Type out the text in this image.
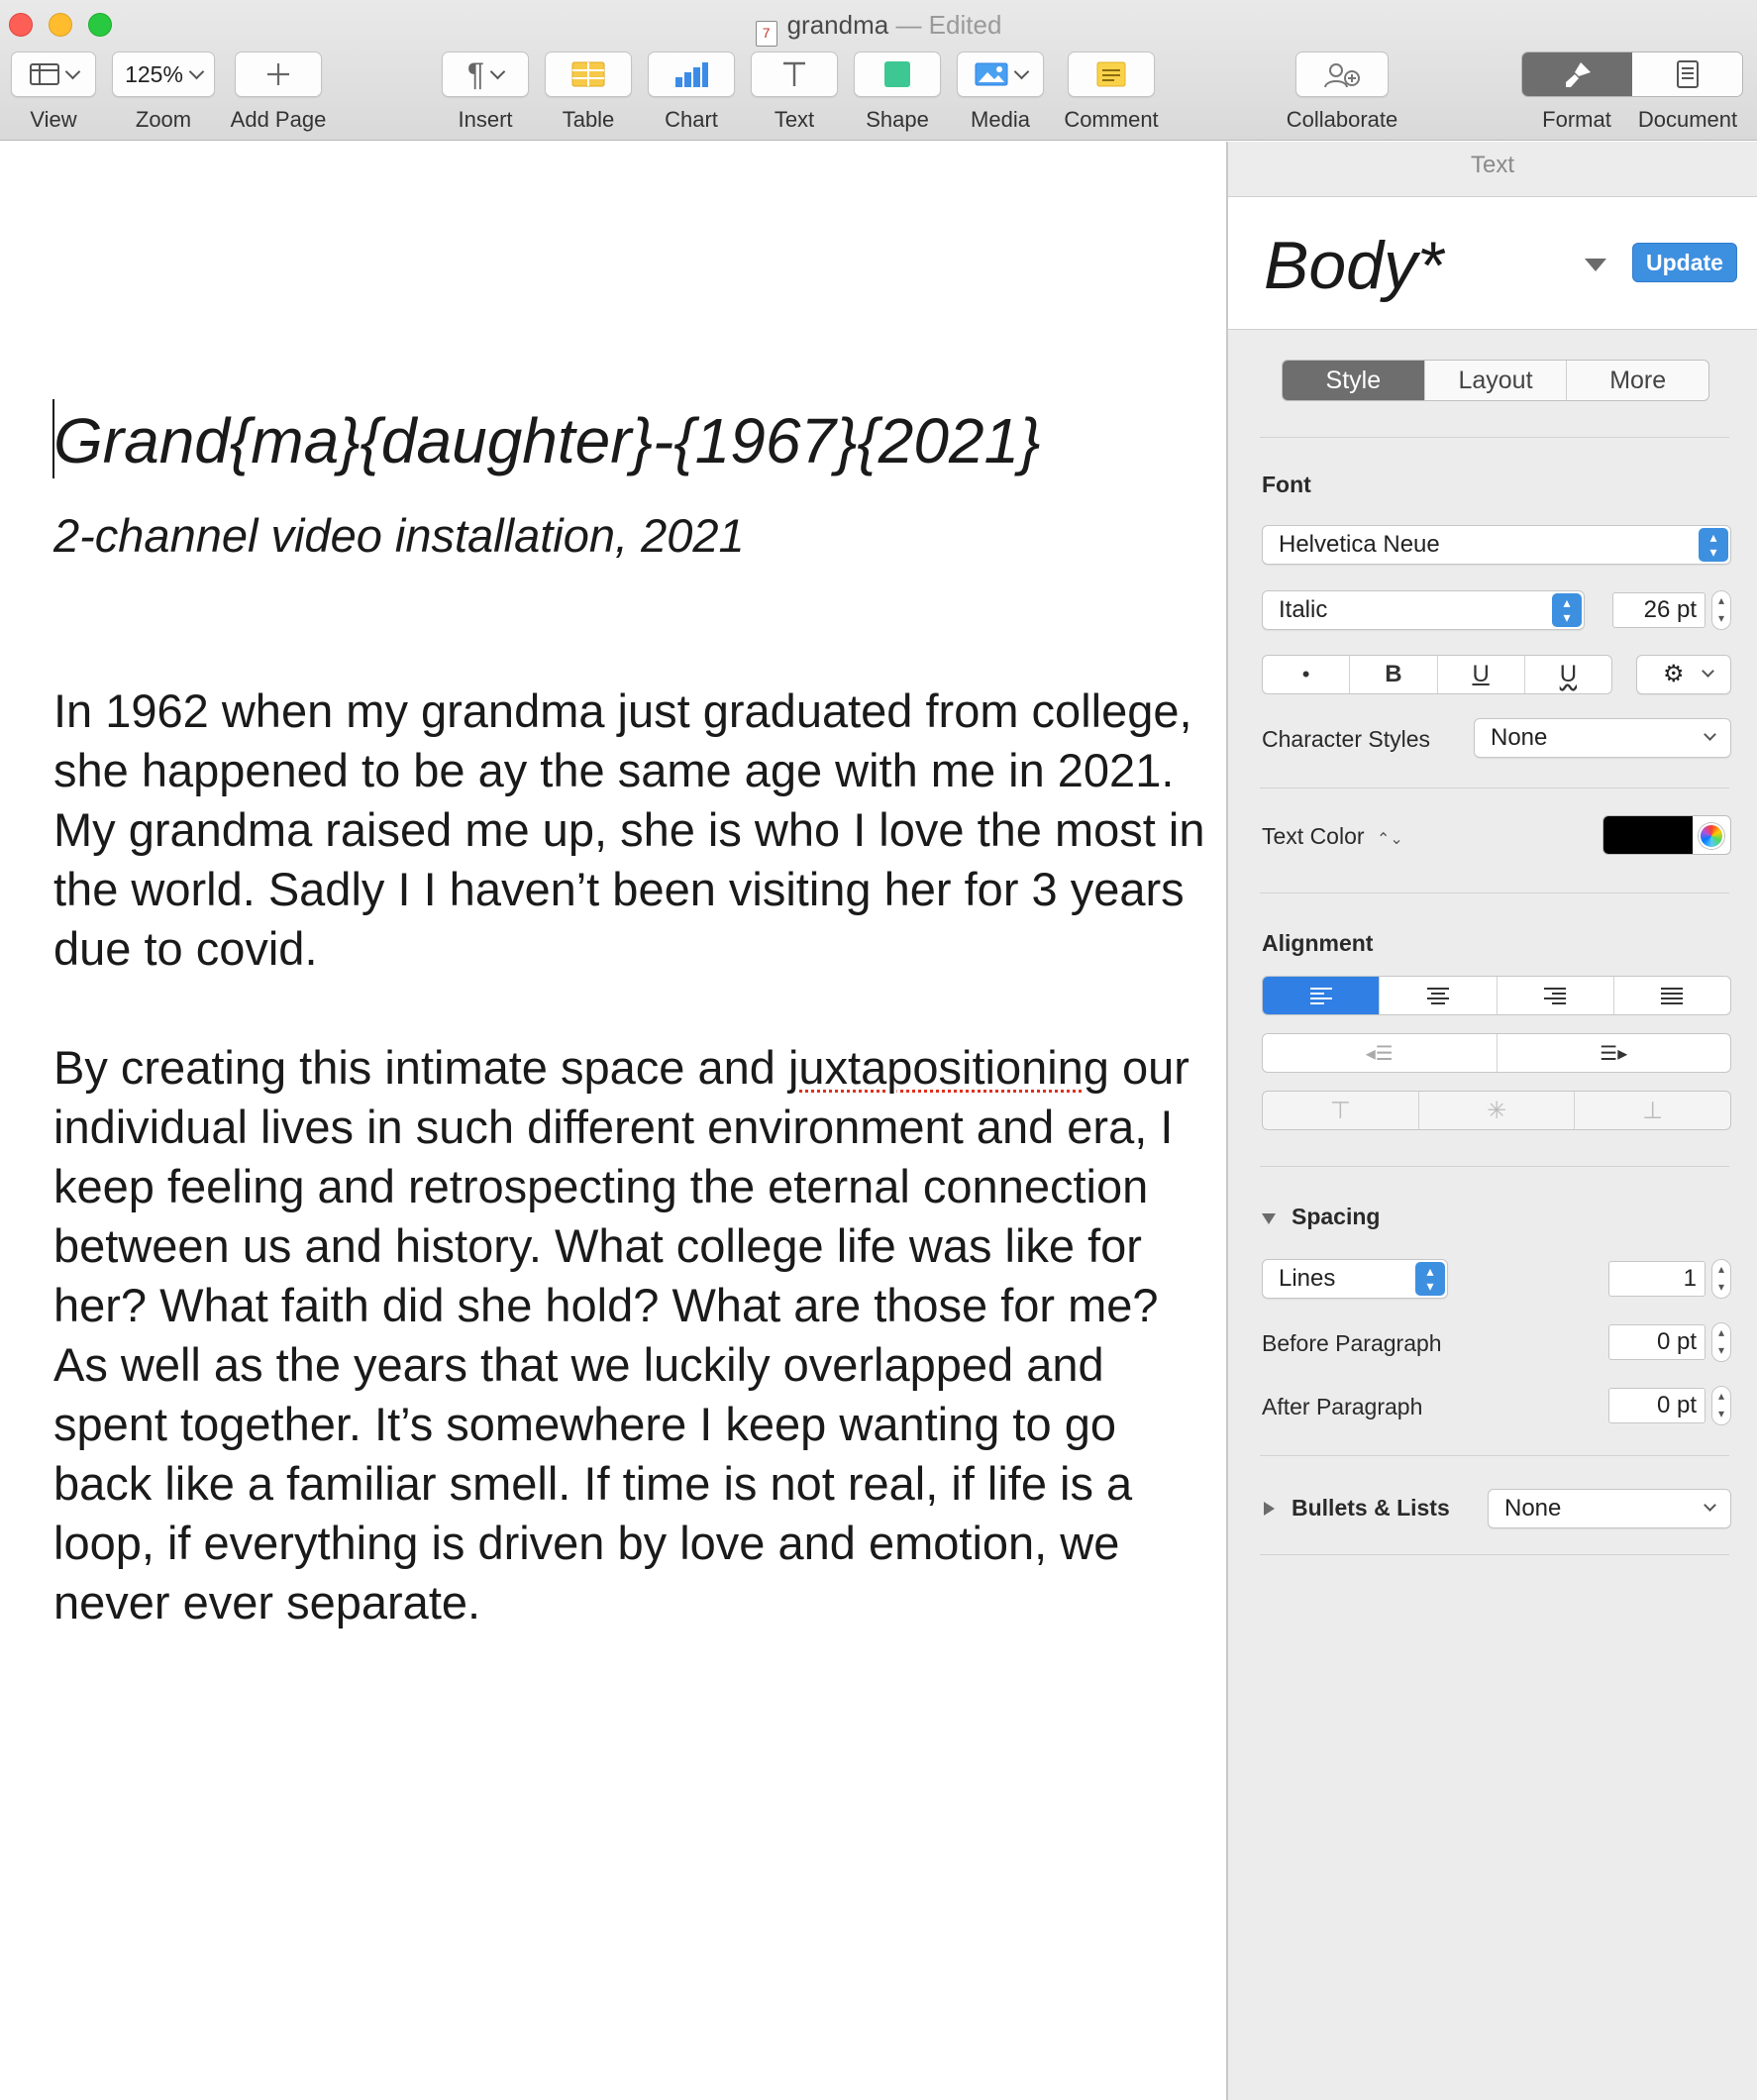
7 grandma — Edited
View
125%
Zoom	Add Page
¶
Insert	Table	Chart	Text	Shape	Media	Comment	Collaborate	Format	Document
Grand{ma}{daughter}-{1967}{2021}
2-channel video installation, 2021

In 1962 when my grandma just graduated from college, she happened to be ay the same age with me in 2021. My grandma raised me up, she is who I love the most in the world. Sadly I I haven’t been visiting her for 3 years due to covid.

By creating this intimate space and juxtapositioning our individual lives in such different environment and era, I keep feeling and retrospecting the eternal connection between us and history. What college life was like for her? What faith did she hold? What are those for me? As well as the years that we luckily overlapped and spent together. It’s somewhere I keep wanting to go back like a familiar smell. If time is not real, if life is a loop, if everything is driven by love and emotion, we never ever separate.

Text
Body*	Update
Style	Layout	More
Font
Helvetica Neue	▴
▾
Italic	▴
▾	26 pt	▴
▾
•	B	U	U	⚙
Character Styles	None
Text Color ⌃⌄
Alignment
◂☰	☰▸
⊤	✳	⊥
Spacing
Lines	▴
▾	1	▴
▾
Before Paragraph	0 pt	▴
▾
After Paragraph	0 pt	▴
▾
Bullets & Lists	None
